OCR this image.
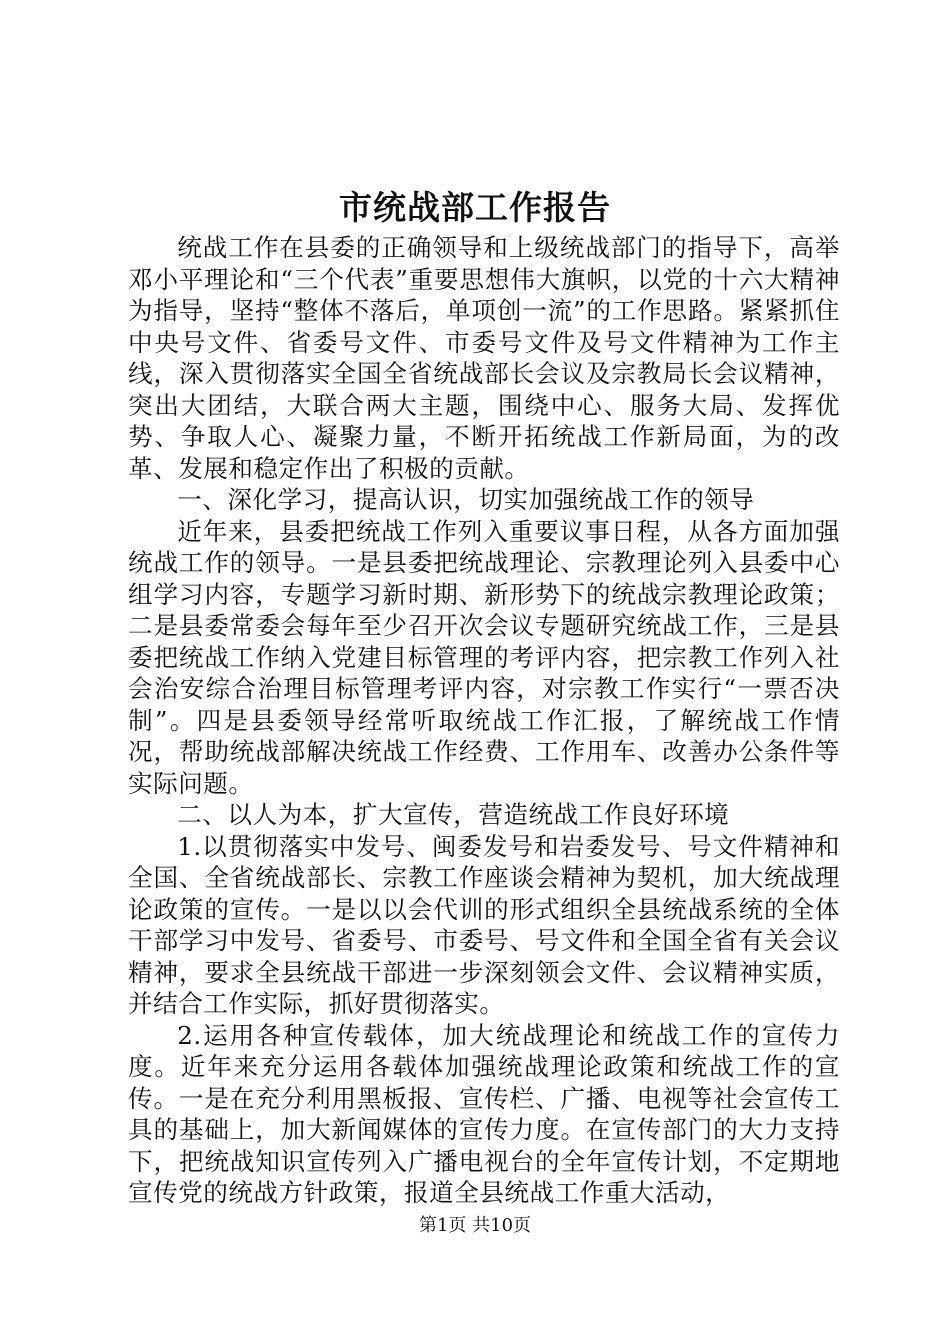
市统战部工作报告

统战工作在县委的正确领导和上级统战部门的指导下，高举邓小平理论和“三个代表”重要思想伟大旗帜，以党的十六大精神为指导，坚持“整体不落后，单项创一流”的工作思路。紧紧抓住中央号文件、省委号文件、市委号文件及号文件精神为工作主线，深入贯彻落实全国全省统战部长会议及宗教局长会议精神，突出大团结，大联合两大主题，围绕中心、服务大局、发挥优势、争取人心、凝聚力量，不断开拓统战工作新局面，为的改革、发展和稳定作出了积极的贡献。

一、深化学习，提高认识，切实加强统战工作的领导

近年来，县委把统战工作列入重要议事日程，从各方面加强统战工作的领导。一是县委把统战理论、宗教理论列入县委中心组学习内容，专题学习新时期、新形势下的统战宗教理论政策；二是县委常委会每年至少召开次会议专题研究统战工作，三是县委把统战工作纳入党建目标管理的考评内容，把宗教工作列入社会治安综合治理目标管理考评内容，对宗教工作实行“一票否决制”。四是县委领导经常听取统战工作汇报，了解统战工作情况，帮助统战部解决统战工作经费、工作用车、改善办公条件等实际问题。

二、以人为本，扩大宣传，营造统战工作良好环境

1.以贯彻落实中发号、闽委发号和岩委发号、号文件精神和全国、全省统战部长、宗教工作座谈会精神为契机，加大统战理论政策的宣传。一是以以会代训的形式组织全县统战系统的全体干部学习中发号、省委号、市委号、号文件和全国全省有关会议精神，要求全县统战干部进一步深刻领会文件、会议精神实质，并结合工作实际，抓好贯彻落实。

2.运用各种宣传载体，加大统战理论和统战工作的宣传力度。近年来充分运用各载体加强统战理论政策和统战工作的宣传。一是在充分利用黑板报、宣传栏、广播、电视等社会宣传工具的基础上，加大新闻媒体的宣传力度。在宣传部门的大力支持下，把统战知识宣传列入广播电视台的全年宣传计划，不定期地宣传党的统战方针政策，报道全县统战工作重大活动，

第1页 共10页
